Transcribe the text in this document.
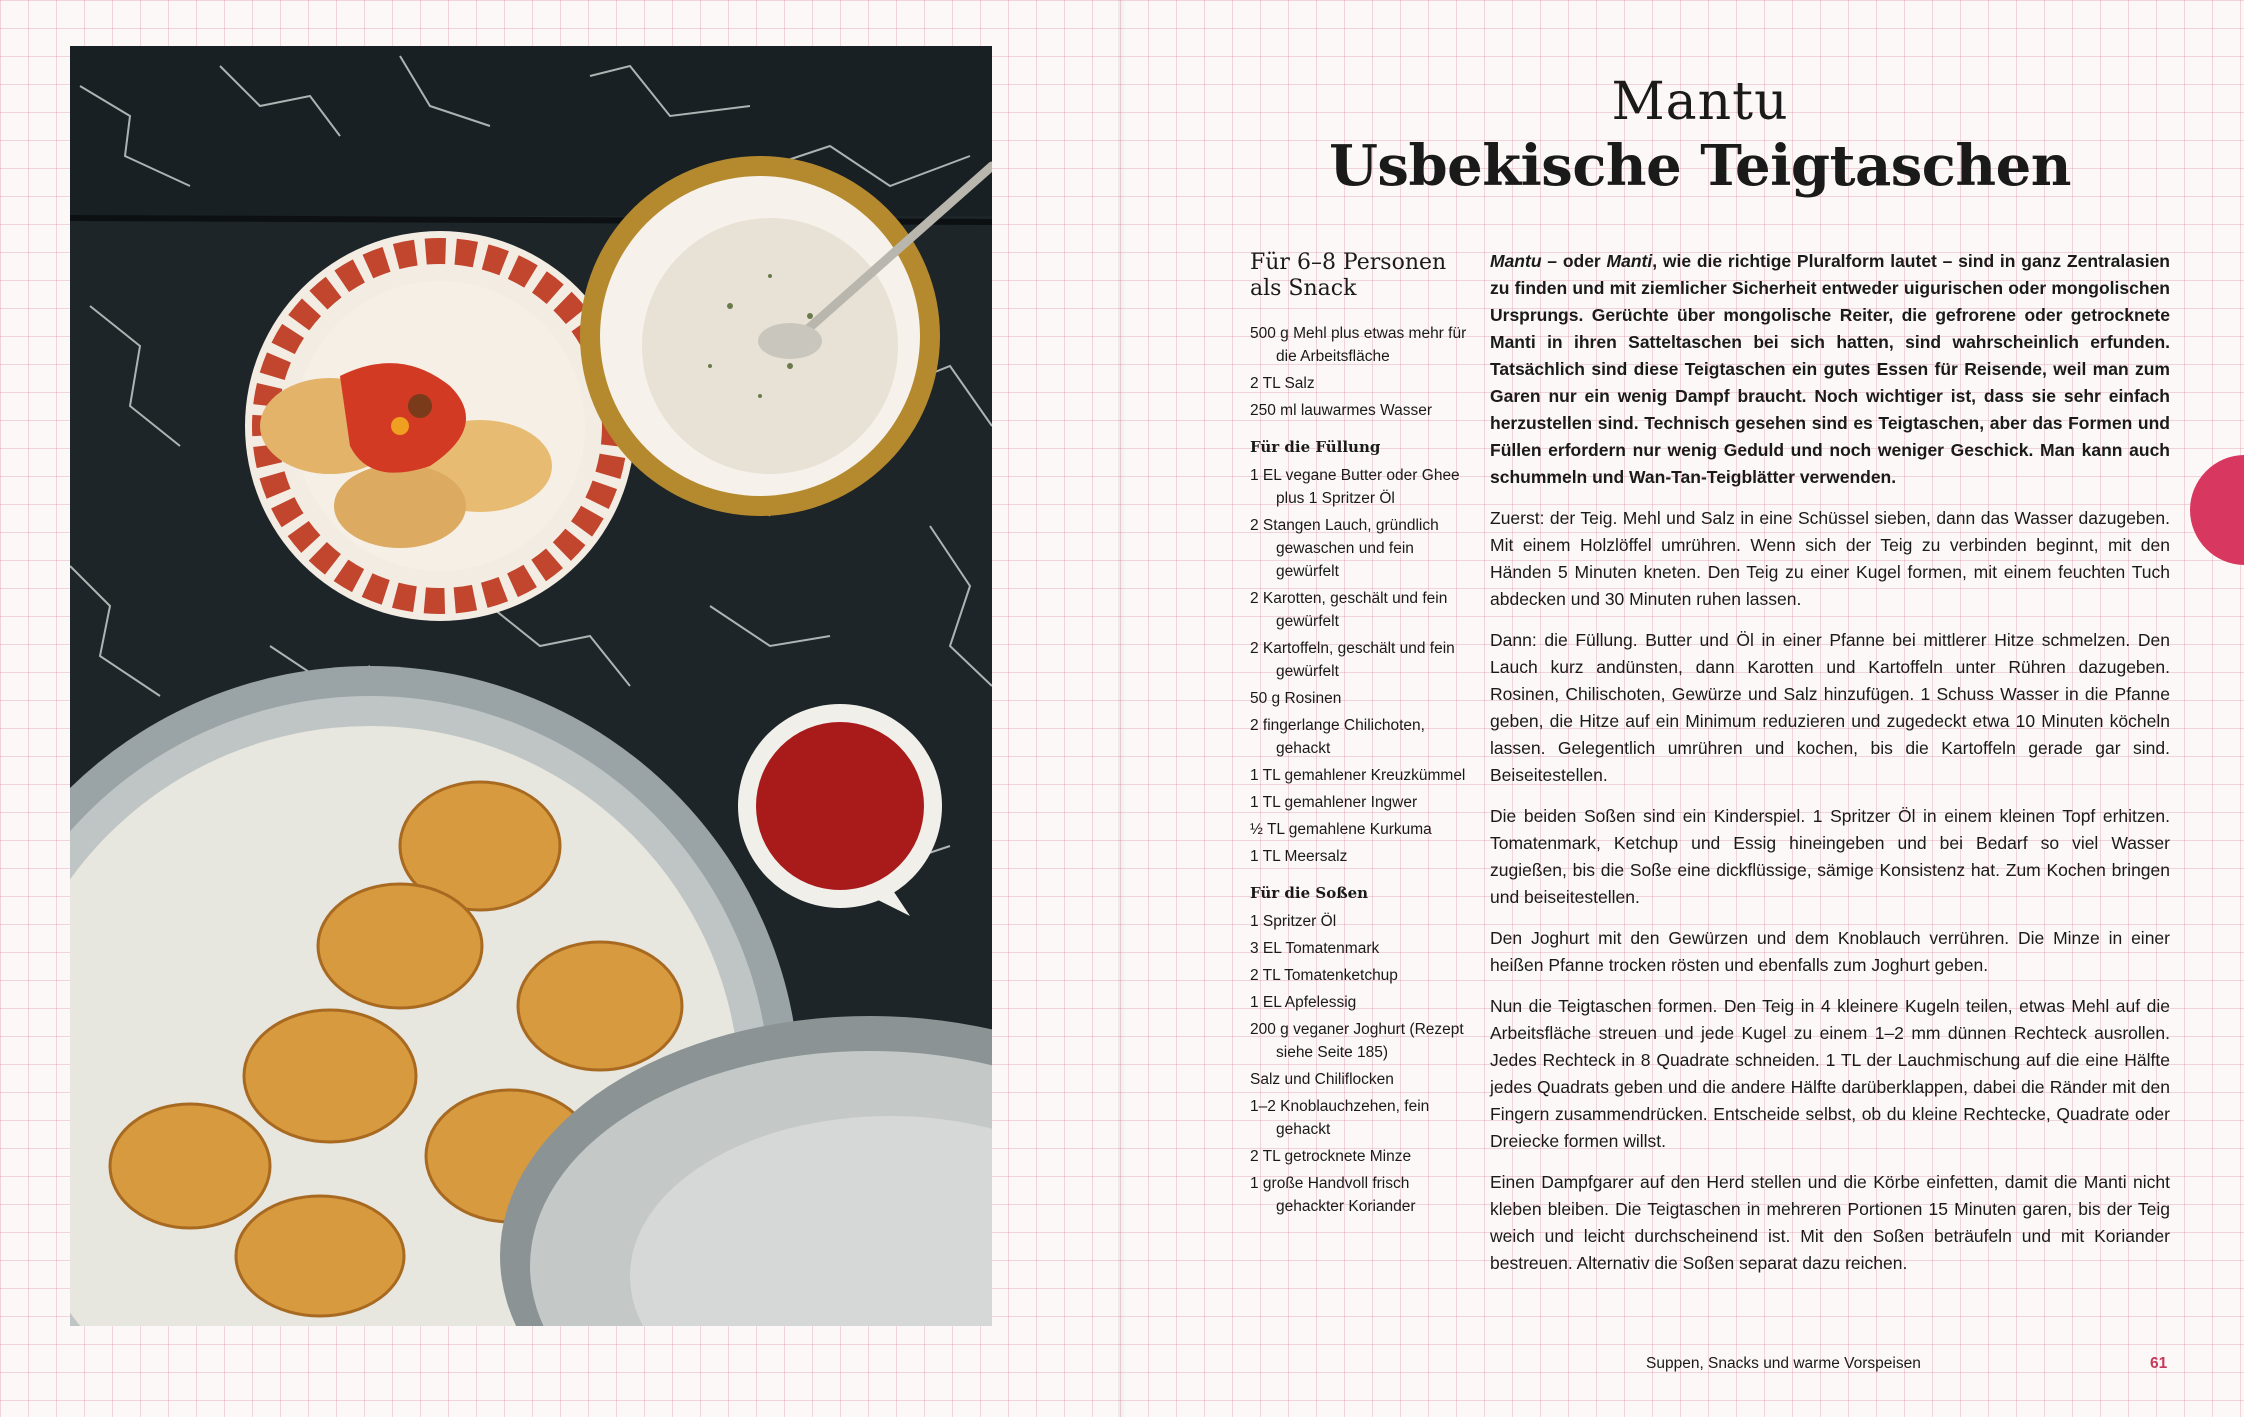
Mantu
Usbekische Teigtaschen
Für 6–8 Personen
als Snack
500 g Mehl plus etwas mehr für die Arbeitsfläche
2 TL Salz
250 ml lauwarmes Wasser
Für die Füllung
1 EL vegane Butter oder Ghee plus 1 Spritzer Öl
2 Stangen Lauch, gründlich gewaschen und fein gewürfelt
2 Karotten, geschält und fein gewürfelt
2 Kartoffeln, geschält und fein gewürfelt
50 g Rosinen
2 fingerlange Chilichoten, gehackt
1 TL gemahlener Kreuzkümmel
1 TL gemahlener Ingwer
½ TL gemahlene Kurkuma
1 TL Meersalz
Für die Soßen
1 Spritzer Öl
3 EL Tomatenmark
2 TL Tomatenketchup
1 EL Apfelessig
200 g veganer Joghurt (Rezept siehe Seite 185)
Salz und Chiliflocken
1–2 Knoblauchzehen, fein gehackt
2 TL getrocknete Minze
1 große Handvoll frisch gehackter Koriander

Mantu – oder Manti, wie die richtige Pluralform lautet – sind in ganz Zentralasien zu finden und mit ziemlicher Sicherheit entweder uigurischen oder mongolischen Ursprungs. Gerüchte über mongolische Reiter, die gefrorene oder getrocknete Manti in ihren Satteltaschen bei sich hatten, sind wahrscheinlich erfunden. Tatsächlich sind diese Teigtaschen ein gutes Essen für Reisende, weil man zum Garen nur ein wenig Dampf braucht. Noch wichtiger ist, dass sie sehr einfach herzustellen sind. Technisch gesehen sind es Teigtaschen, aber das Formen und Füllen erfordern nur wenig Geduld und noch weniger Geschick. Man kann auch schummeln und Wan-Tan-Teigblätter verwenden.

Zuerst: der Teig. Mehl und Salz in eine Schüssel sieben, dann das Wasser dazugeben. Mit einem Holzlöffel umrühren. Wenn sich der Teig zu verbinden beginnt, mit den Händen 5 Minuten kneten. Den Teig zu einer Kugel formen, mit einem feuchten Tuch abdecken und 30 Minuten ruhen lassen.

Dann: die Füllung. Butter und Öl in einer Pfanne bei mittlerer Hitze schmelzen. Den Lauch kurz andünsten, dann Karotten und Kartoffeln unter Rühren dazugeben. Rosinen, Chilischoten, Gewürze und Salz hinzufügen. 1 Schuss Wasser in die Pfanne geben, die Hitze auf ein Minimum reduzieren und zugedeckt etwa 10 Minuten köcheln lassen. Gelegentlich umrühren und kochen, bis die Kartoffeln gerade gar sind. Beiseitestellen.

Die beiden Soßen sind ein Kinderspiel. 1 Spritzer Öl in einem kleinen Topf erhitzen. Tomatenmark, Ketchup und Essig hineingeben und bei Bedarf so viel Wasser zugießen, bis die Soße eine dickflüssige, sämige Konsistenz hat. Zum Kochen bringen und beiseitestellen.

Den Joghurt mit den Gewürzen und dem Knoblauch verrühren. Die Minze in einer heißen Pfanne trocken rösten und ebenfalls zum Joghurt geben.

Nun die Teigtaschen formen. Den Teig in 4 kleinere Kugeln teilen, etwas Mehl auf die Arbeitsfläche streuen und jede Kugel zu einem 1–2 mm dünnen Rechteck ausrollen. Jedes Rechteck in 8 Quadrate schneiden. 1 TL der Lauchmischung auf die eine Hälfte jedes Quadrats geben und die andere Hälfte darüberklappen, dabei die Ränder mit den Fingern zusammendrücken. Entscheide selbst, ob du kleine Rechtecke, Quadrate oder Dreiecke formen willst.

Einen Dampfgarer auf den Herd stellen und die Körbe einfetten, damit die Manti nicht kleben bleiben. Die Teigtaschen in mehreren Portionen 15 Minuten garen, bis der Teig weich und leicht durchscheinend ist. Mit den Soßen beträufeln und mit Koriander bestreuen. Alternativ die Soßen separat dazu reichen.

Suppen, Snacks und warme Vorspeisen	61
